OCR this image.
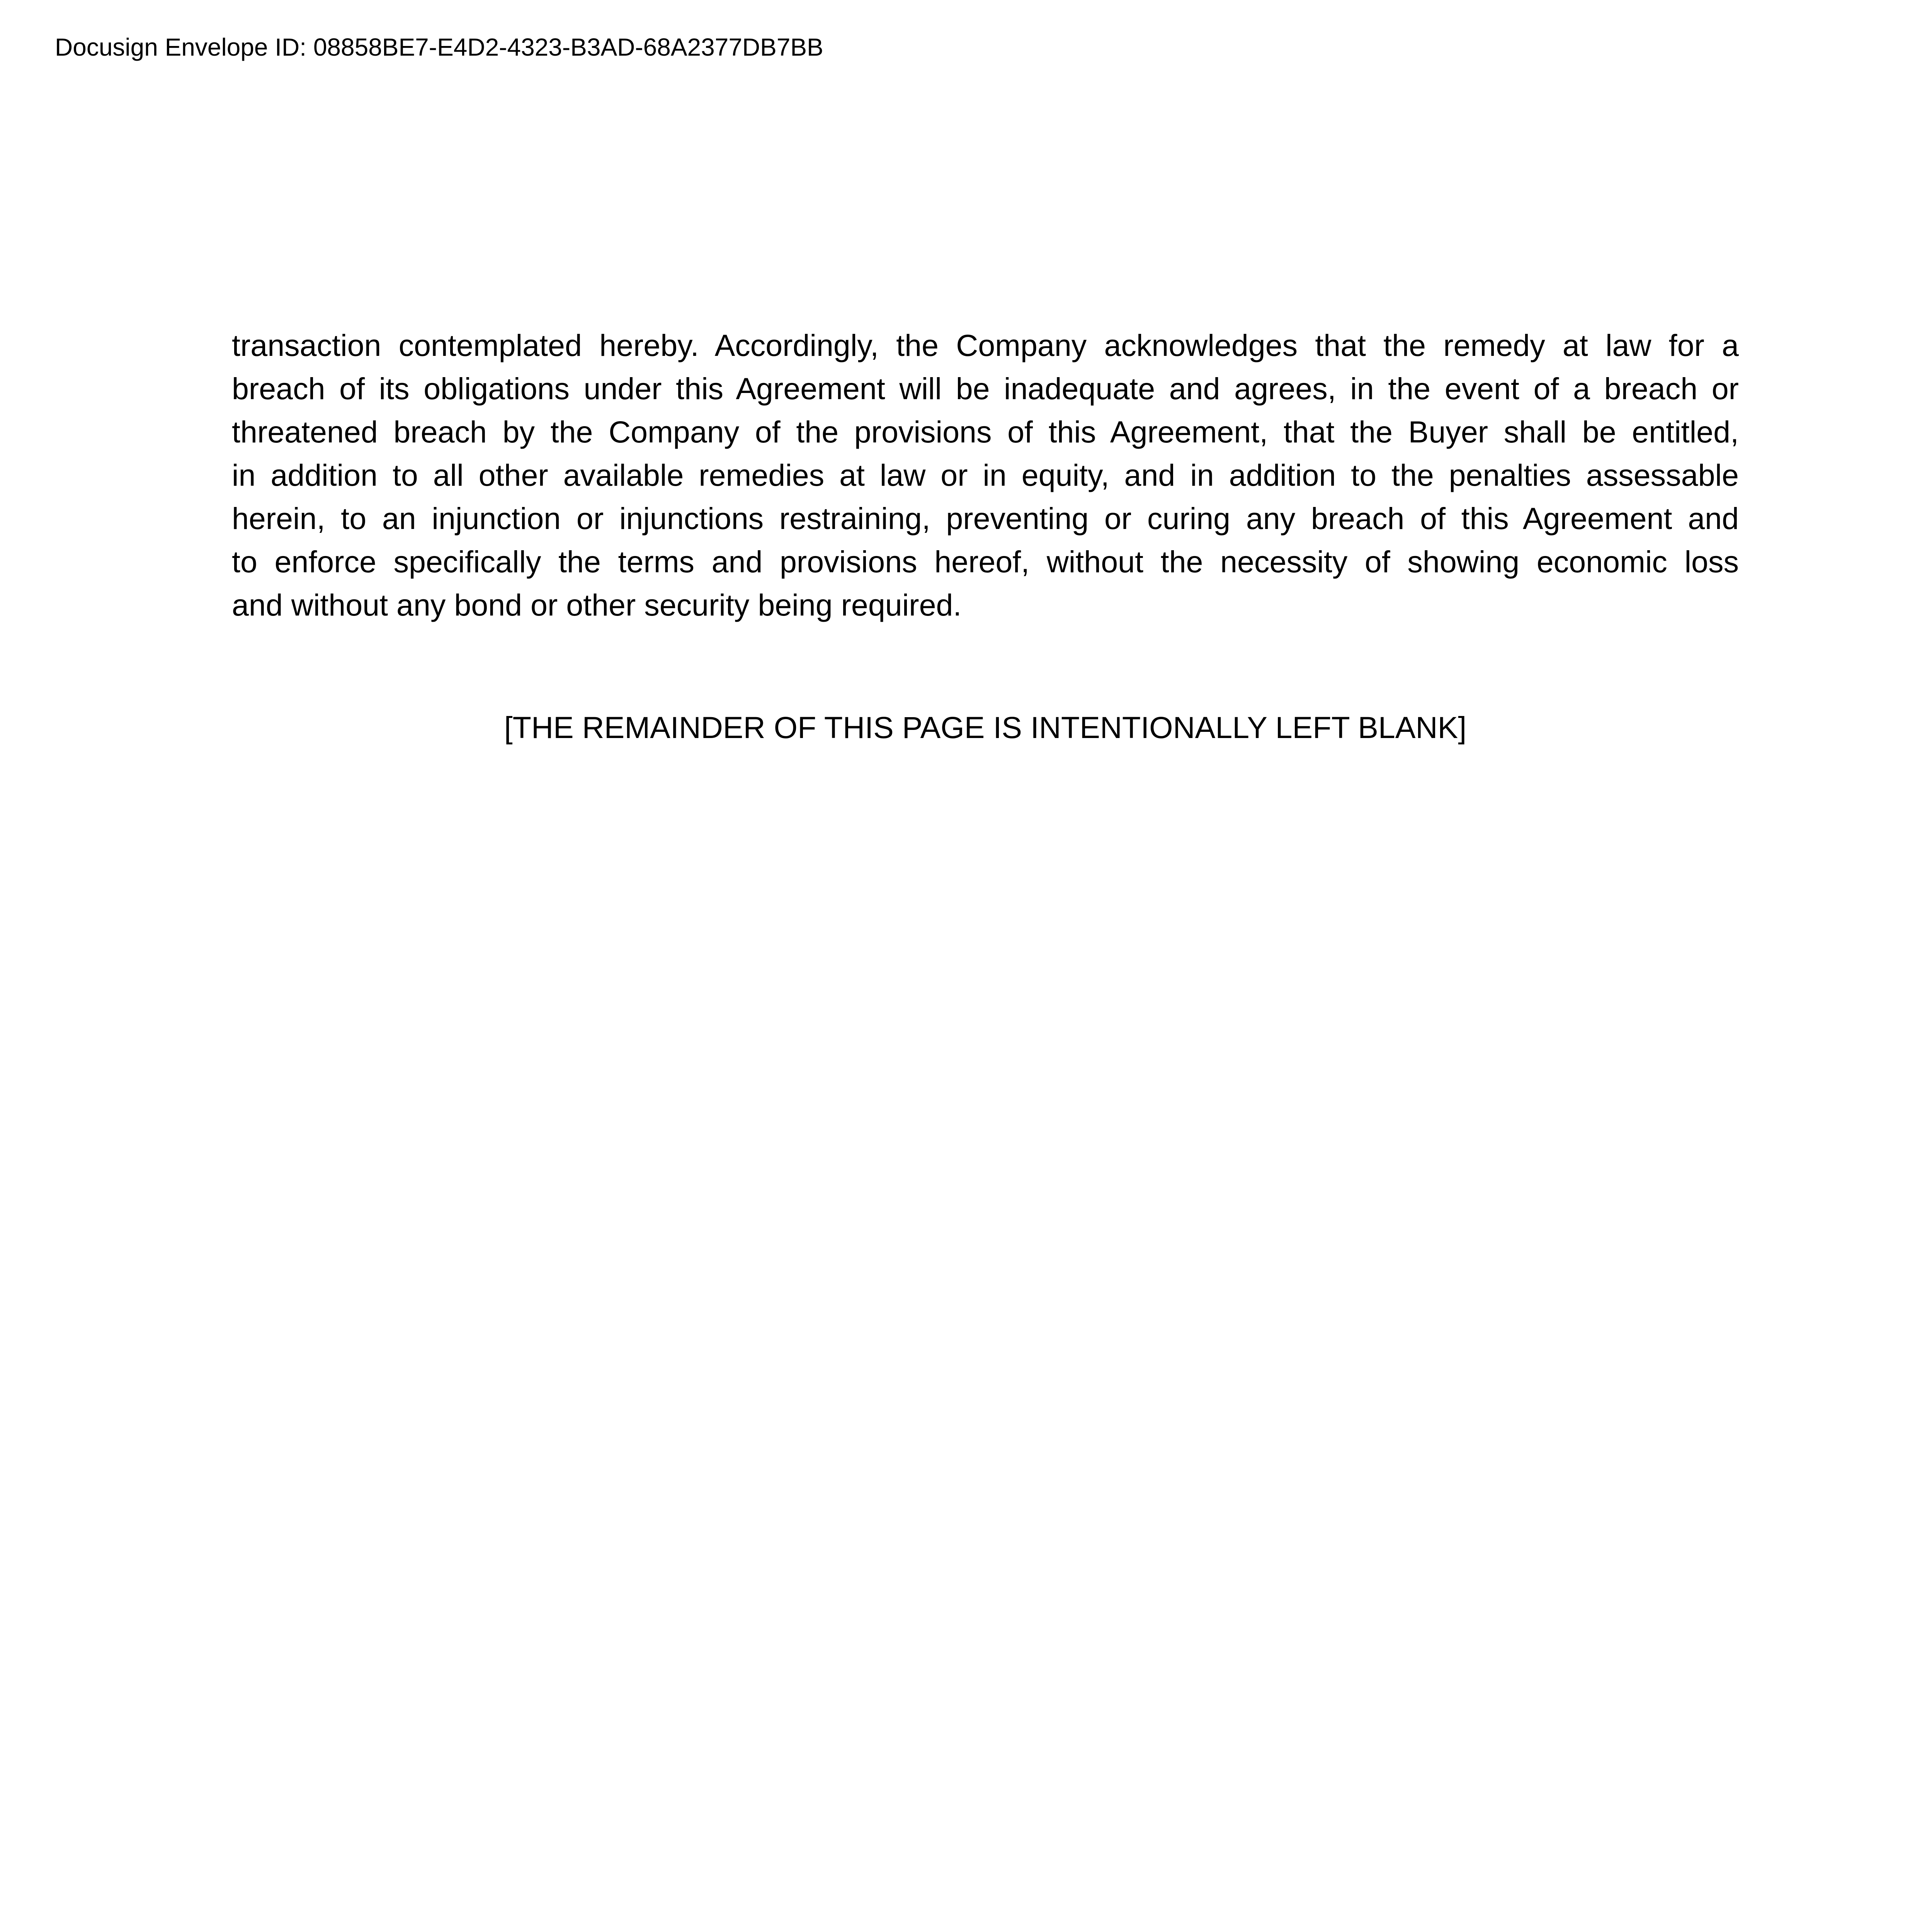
Docusign Envelope ID: 08858BE7-E4D2-4323-B3AD-68A2377DB7BB
transaction contemplated hereby. Accordingly, the Company acknowledges that the remedy at law for a
breach of its obligations under this Agreement will be inadequate and agrees, in the event of a breach or
threatened breach by the Company of the provisions of this Agreement, that the Buyer shall be entitled,
in addition to all other available remedies at law or in equity, and in addition to the penalties assessable
herein, to an injunction or injunctions restraining, preventing or curing any breach of this Agreement and
to enforce specifically the terms and provisions hereof, without the necessity of showing economic loss
and without any bond or other security being required.
[THE REMAINDER OF THIS PAGE IS INTENTIONALLY LEFT BLANK]
